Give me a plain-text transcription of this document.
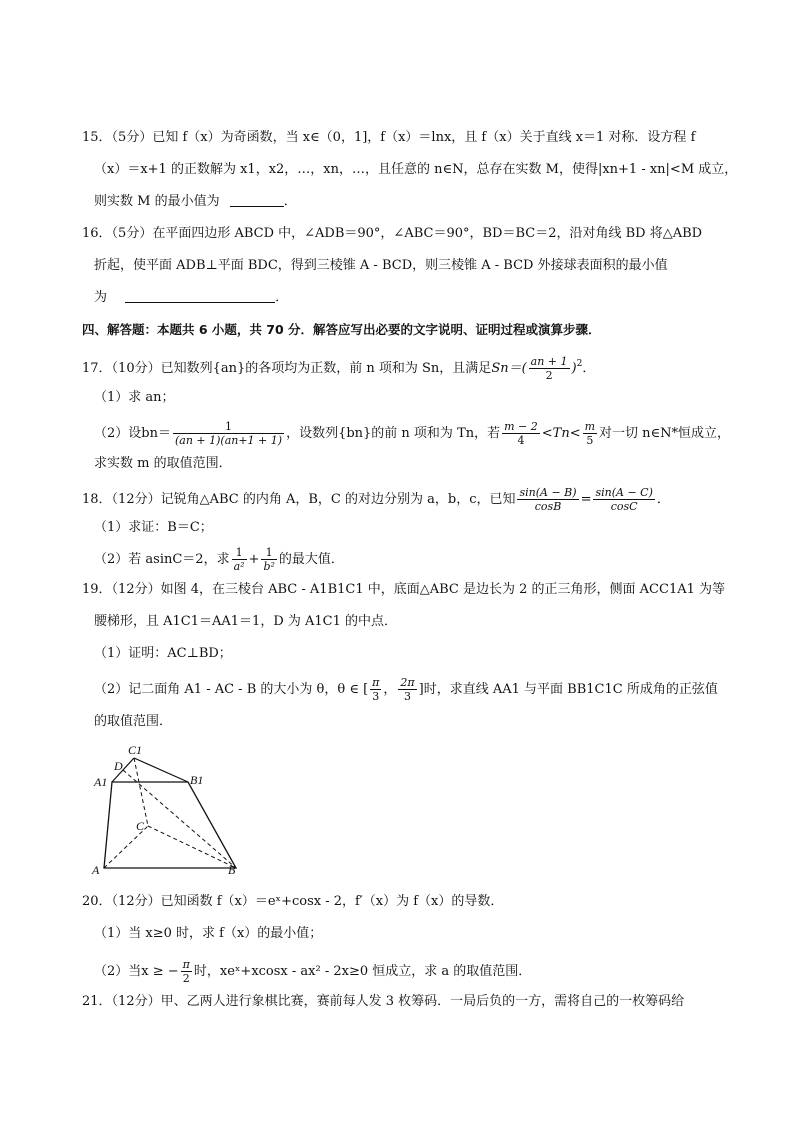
15．（5分）已知 f（x）为奇函数，当 x∈（0，1]，f（x）＝lnx，且 f（x）关于直线 x＝1 对称．设方程 f
（x）＝x+1 的正数解为 x1，x2，…，xn，…，且任意的 n∈N，总存在实数 M，使得|xn+1 - xn|<M 成立，
则实数 M 的最小值为	．
16．（5分）在平面四边形 ABCD 中，∠ADB＝90°，∠ABC＝90°，BD＝BC＝2，沿对角线 BD 将△ABD
折起，使平面 ADB⊥平面 BDC，得到三棱锥 A - BCD，则三棱锥 A - BCD 外接球表面积的最小值
为	．
四、解答题：本题共 6 小题，共 70 分．解答应写出必要的文字说明、证明过程或演算步骤．
17．（10分）已知数列{an}的各项均为正数，前 n 项和为 Sn，且满足$Sn=( \frac{an + 1}{2} )^2$．
（1）求 an；
（2）设$bn= \frac{1}{(an + 1)(an+1 + 1)}$ ，设数列{bn}的前 n 项和为 Tn，若 $\frac{m - 2}{4} <Tn< \frac{m}{5}$ 对一切 n∈N*恒成立，
求实数 m 的取值范围．
18．（12分）记锐角△ABC 的内角 A，B，C 的对边分别为 a，b，c，已知 $\frac{\sin(A - B)}{\cos B} = \frac{\sin(A - C)}{\cos C}$ ．
（1）求证：B＝C；
（2）若 asinC＝2，求 $\frac{1}{\text{a²}} + \frac{1}{\text{b²}}$ 的最大值．
19．（12分）如图 4，在三棱台 ABC - A1B1C1 中，底面△ABC 是边长为 2 的正三角形，侧面 ACC1A1 为等
腰梯形，且 A1C1＝AA1＝1，D 为 A1C1 的中点．
（1）证明：AC⊥BD；
（2）记二面角 A1 - AC - B 的大小为 θ，θ ∈ [ $\frac{\pi}{3}$ ， $\frac{2\pi}{3}$ ]时，求直线 AA1 与平面 BB1C1C 所成角的正弦值
的取值范围．
C1
D
A1	B1
C
A	B
20．（12分）已知函数 f（x）＝eˣ+cosx - 2，f′（x）为 f（x）的导数．
（1）当 x≥0 时，求 f（x）的最小值；
（2）当x ≥ − $\frac{\pi}{2}$ 时，xeˣ+xcosx - ax² - 2x≥0 恒成立，求 a 的取值范围．
21．（12分）甲、乙两人进行象棋比赛，赛前每人发 3 枚筹码．一局后负的一方，需将自己的一枚筹码给
